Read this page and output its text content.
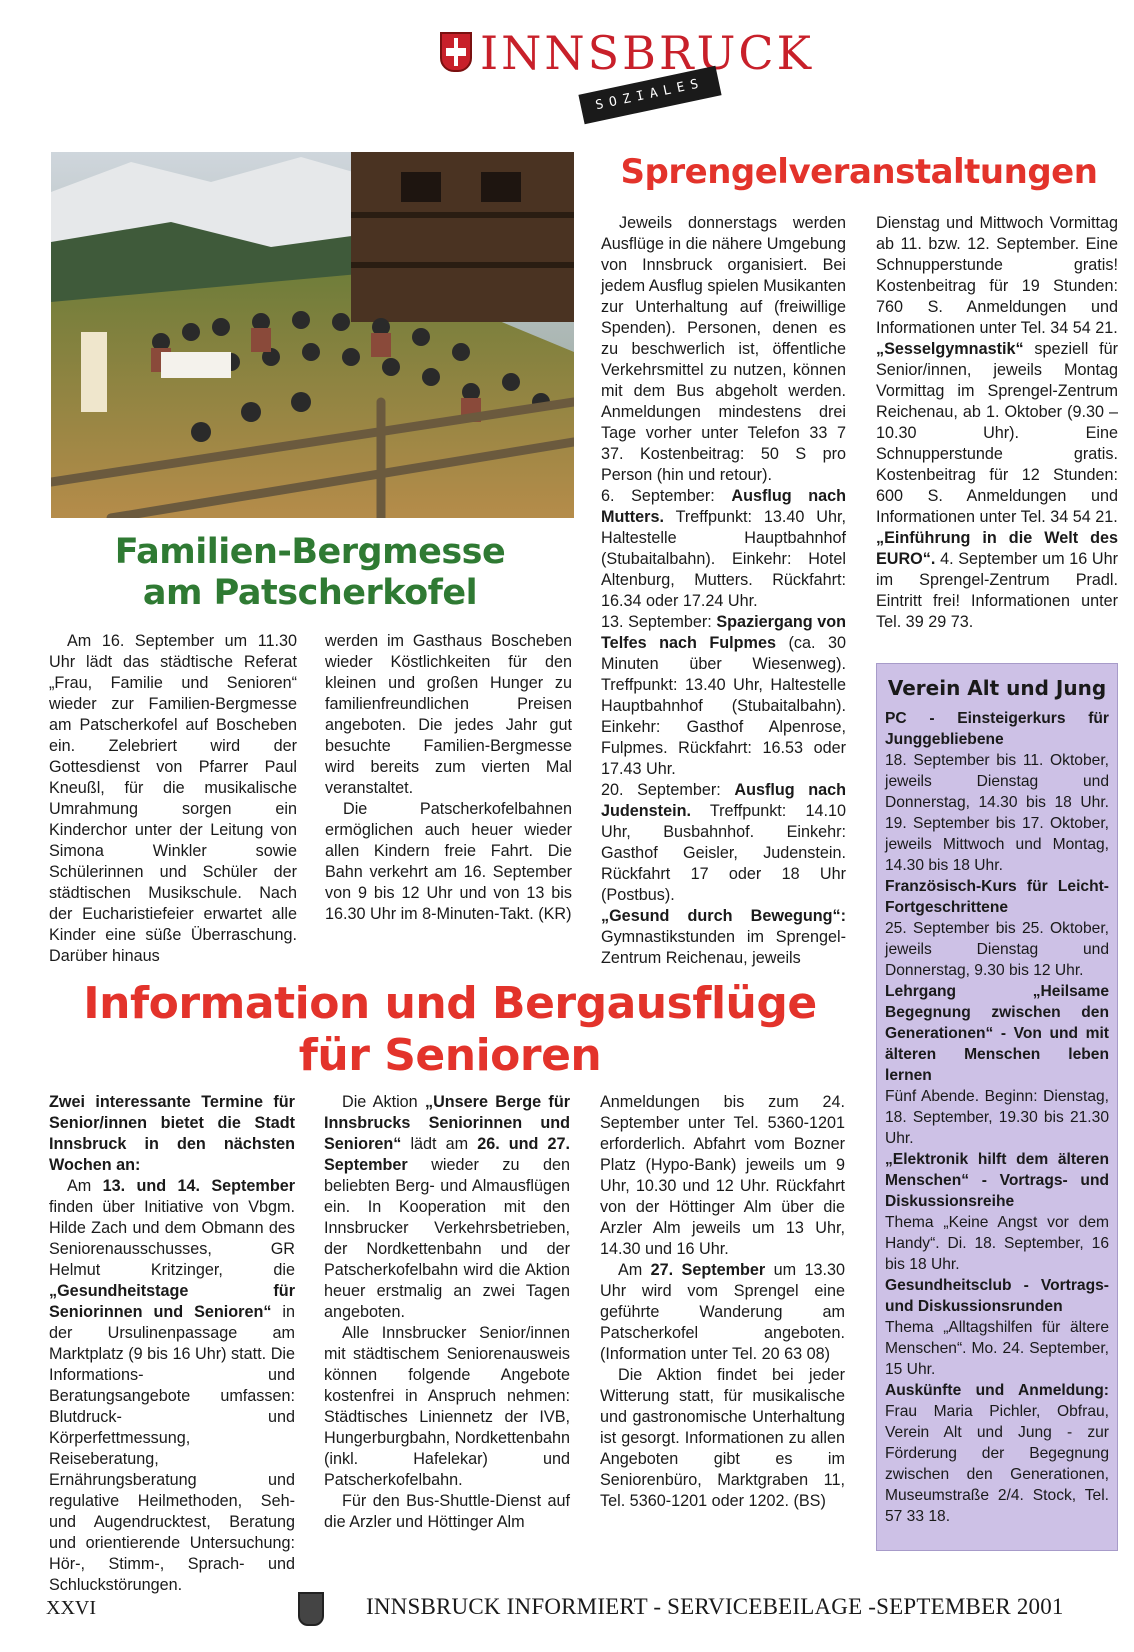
INNSBRUCK
SOZIALES
Familien-Bergmesse
am Patscherkofel

Am 16. September um 11.30 Uhr lädt das städtische Referat „Frau, Familie und Senioren“ wieder zur Familien-Bergmesse am Patscherkofel auf Boscheben ein. Zelebriert wird der Gottesdienst von Pfarrer Paul Kneußl, für die musikalische Umrahmung sorgen ein Kinderchor unter der Leitung von Simona Winkler sowie Schülerinnen und Schüler der städtischen Musikschule. Nach der Eucharistiefeier erwartet alle Kinder eine süße Überraschung. Darüber hinaus

werden im Gasthaus Boscheben wieder Köstlichkeiten für den kleinen und großen Hunger zu familienfreundlichen Preisen angeboten. Die jedes Jahr gut besuchte Familien-Bergmesse wird bereits zum vierten Mal veranstaltet.

Die Patscherkofelbahnen ermöglichen auch heuer wieder allen Kindern freie Fahrt. Die Bahn verkehrt am 16. September von 9 bis 12 Uhr und von 13 bis 16.30 Uhr im 8-Minuten-Takt. (KR)

Sprengelveranstaltungen

Jeweils donnerstags werden Ausflüge in die nähere Umgebung von Innsbruck organisiert. Bei jedem Ausflug spielen Musikanten zur Unterhaltung auf (freiwillige Spenden). Personen, denen es zu beschwerlich ist, öffentliche Verkehrsmittel zu nutzen, können mit dem Bus abgeholt werden. Anmeldungen mindestens drei Tage vorher unter Telefon 33 7 37. Kostenbeitrag: 50 S pro Person (hin und retour).

6. September: Ausflug nach Mutters. Treffpunkt: 13.40 Uhr, Haltestelle Hauptbahnhof (Stubaitalbahn). Einkehr: Hotel Altenburg, Mutters. Rückfahrt: 16.34 oder 17.24 Uhr.

13. September: Spaziergang von Telfes nach Fulpmes (ca. 30 Minuten über Wiesenweg). Treffpunkt: 13.40 Uhr, Haltestelle Hauptbahnhof (Stubaitalbahn). Einkehr: Gasthof Alpenrose, Fulpmes. Rückfahrt: 16.53 oder 17.43 Uhr.

20. September: Ausflug nach Judenstein. Treffpunkt: 14.10 Uhr, Busbahnhof. Einkehr: Gasthof Geisler, Judenstein. Rückfahrt 17 oder 18 Uhr (Postbus).

„Gesund durch Bewegung“: Gymnastikstunden im Sprengel-Zentrum Reichenau, jeweils

Dienstag und Mittwoch Vormittag ab 11. bzw. 12. September. Eine Schnupperstunde gratis! Kostenbeitrag für 19 Stunden: 760 S. Anmeldungen und Informationen unter Tel. 34 54 21.

„Sesselgymnastik“ speziell für Senior/innen, jeweils Montag Vormittag im Sprengel-Zentrum Reichenau, ab 1. Oktober (9.30 – 10.30 Uhr). Eine Schnupperstunde gratis. Kostenbeitrag für 12 Stunden: 600 S. Anmeldungen und Informationen unter Tel. 34 54 21.

„Einführung in die Welt des EURO“. 4. September um 16 Uhr im Sprengel-Zentrum Pradl. Eintritt frei! Informationen unter Tel. 39 29 73.

Information und Bergausflüge
für Senioren

Zwei interessante Termine für Senior/innen bietet die Stadt Innsbruck in den nächsten Wochen an:

Am 13. und 14. September finden über Initiative von Vbgm. Hilde Zach und dem Obmann des Seniorenausschusses, GR Helmut Kritzinger, die „Gesundheitstage für Seniorinnen und Senioren“ in der Ursulinenpassage am Marktplatz (9 bis 16 Uhr) statt. Die Informations- und Beratungsangebote umfassen: Blutdruck- und Körperfettmessung, Reiseberatung, Ernährungsberatung und regulative Heilmethoden, Seh- und Augendrucktest, Beratung und orientierende Untersuchung: Hör-, Stimm-, Sprach- und Schluckstörungen.

Die Aktion „Unsere Berge für Innsbrucks Seniorinnen und Senioren“ lädt am 26. und 27. September wieder zu den beliebten Berg- und Almausflügen ein. In Kooperation mit den Innsbrucker Verkehrsbetrieben, der Nordkettenbahn und der Patscherkofelbahn wird die Aktion heuer erstmalig an zwei Tagen angeboten.

Alle Innsbrucker Senior/innen mit städtischem Seniorenausweis können folgende Angebote kostenfrei in Anspruch nehmen: Städtisches Liniennetz der IVB, Hungerburgbahn, Nordkettenbahn (inkl. Hafelekar) und Patscherkofelbahn.

Für den Bus-Shuttle-Dienst auf die Arzler und Höttinger Alm

Anmeldungen bis zum 24. September unter Tel. 5360-1201 erforderlich. Abfahrt vom Bozner Platz (Hypo-Bank) jeweils um 9 Uhr, 10.30 und 12 Uhr. Rückfahrt von der Höttinger Alm über die Arzler Alm jeweils um 13 Uhr, 14.30 und 16 Uhr.

Am 27. September um 13.30 Uhr wird vom Sprengel eine geführte Wanderung am Patscherkofel angeboten. (Information unter Tel. 20 63 08)

Die Aktion findet bei jeder Witterung statt, für musikalische und gastronomische Unterhaltung ist gesorgt. Informationen zu allen Angeboten gibt es im Seniorenbüro, Marktgraben 11, Tel. 5360-1201 oder 1202. (BS)

Verein Alt und Jung
PC - Einsteigerkurs für Junggebliebene
18. September bis 11. Oktober, jeweils Dienstag und Donnerstag, 14.30 bis 18 Uhr. 19. September bis 17. Oktober, jeweils Mittwoch und Montag, 14.30 bis 18 Uhr.
Französisch-Kurs für Leicht-Fortgeschrittene
25. September bis 25. Oktober, jeweils Dienstag und Donnerstag, 9.30 bis 12 Uhr.
Lehrgang „Heilsame Begegnung zwischen den Generationen“ - Von und mit älteren Menschen leben lernen
Fünf Abende. Beginn: Dienstag, 18. September, 19.30 bis 21.30 Uhr.
„Elektronik hilft dem älteren Menschen“ - Vortrags- und Diskussionsreihe
Thema „Keine Angst vor dem Handy“. Di. 18. September, 16 bis 18 Uhr.
Gesundheitsclub - Vortrags- und Diskussionsrunden
Thema „Alltagshilfen für ältere Menschen“. Mo. 24. September, 15 Uhr.
Auskünfte und Anmeldung: Frau Maria Pichler, Obfrau, Verein Alt und Jung - zur Förderung der Begegnung zwischen den Generationen, Museumstraße 2/4. Stock, Tel. 57 33 18.
XXVI	INNSBRUCK INFORMIERT - SERVICEBEILAGE -SEPTEMBER 2001
